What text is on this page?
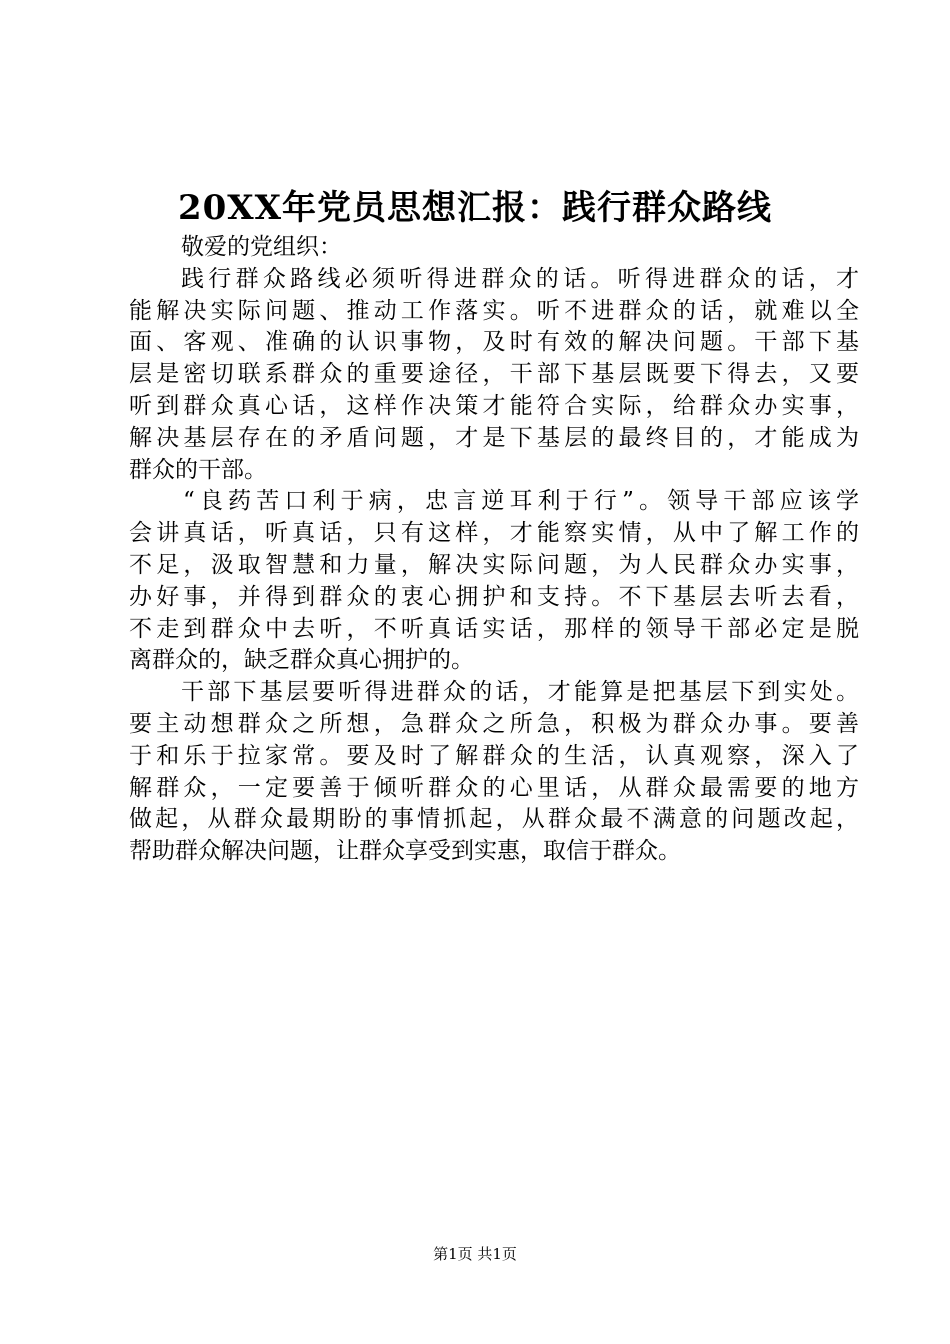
20XX年党员思想汇报：践行群众路线
敬爱的党组织：
践行群众路线必须听得进群众的话。听得进群众的话，才
能解决实际问题、推动工作落实。听不进群众的话，就难以全
面、客观、准确的认识事物，及时有效的解决问题。干部下基
层是密切联系群众的重要途径，干部下基层既要下得去，又要
听到群众真心话，这样作决策才能符合实际，给群众办实事，
解决基层存在的矛盾问题，才是下基层的最终目的，才能成为
群众的干部。
“良药苦口利于病，忠言逆耳利于行”。领导干部应该学
会讲真话，听真话，只有这样，才能察实情，从中了解工作的
不足，汲取智慧和力量，解决实际问题，为人民群众办实事，
办好事，并得到群众的衷心拥护和支持。不下基层去听去看，
不走到群众中去听，不听真话实话，那样的领导干部必定是脱
离群众的，缺乏群众真心拥护的。
干部下基层要听得进群众的话，才能算是把基层下到实处。
要主动想群众之所想，急群众之所急，积极为群众办事。要善
于和乐于拉家常。要及时了解群众的生活，认真观察，深入了
解群众，一定要善于倾听群众的心里话，从群众最需要的地方
做起，从群众最期盼的事情抓起，从群众最不满意的问题改起，
帮助群众解决问题，让群众享受到实惠，取信于群众。
第1页 共1页
